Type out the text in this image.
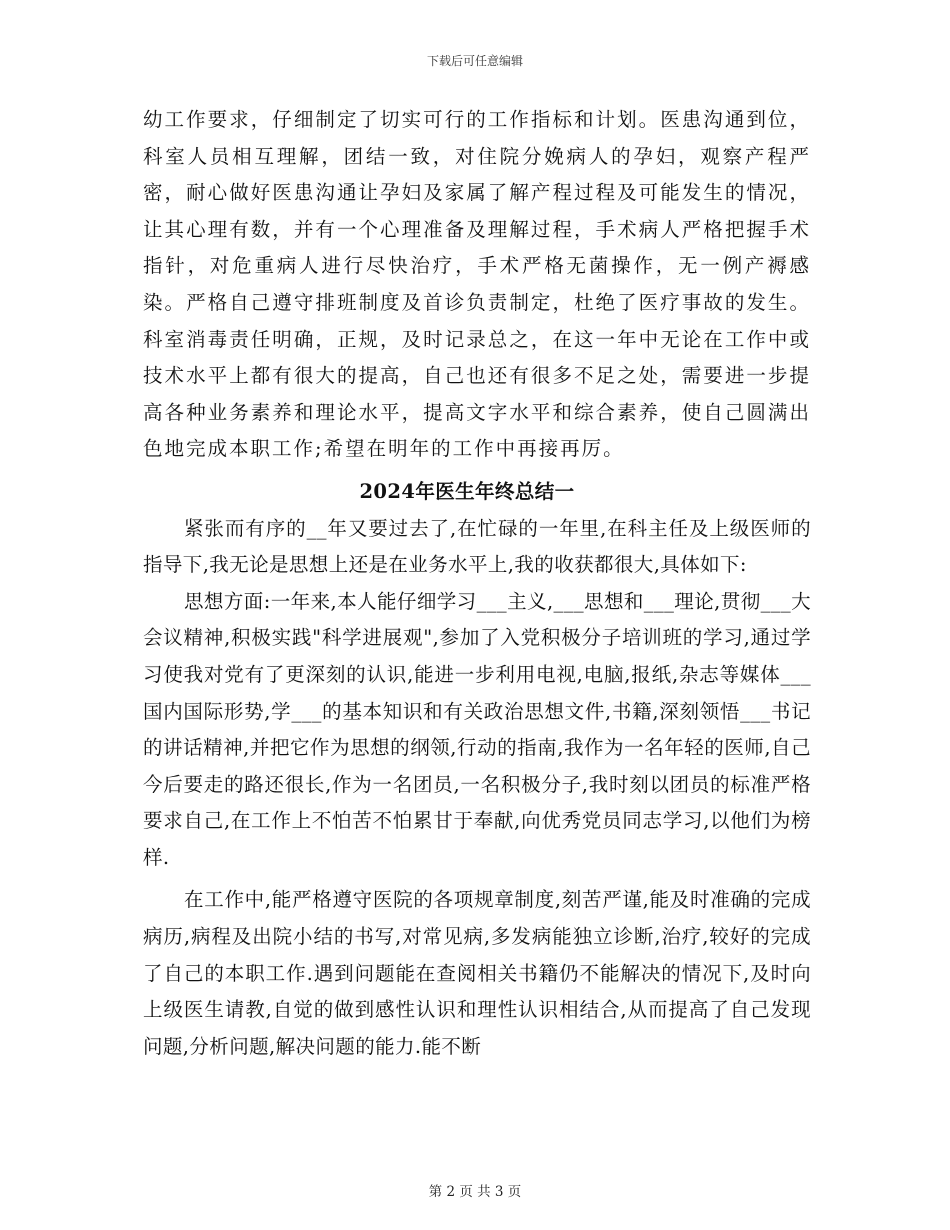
下载后可任意编辑

幼工作要求，仔细制定了切实可行的工作指标和计划。医患沟通到位，科室人员相互理解，团结一致，对住院分娩病人的孕妇，观察产程严密，耐心做好医患沟通让孕妇及家属了解产程过程及可能发生的情况，让其心理有数，并有一个心理准备及理解过程，手术病人严格把握手术指针，对危重病人进行尽快治疗，手术严格无菌操作，无一例产褥感染。严格自己遵守排班制度及首诊负责制定，杜绝了医疗事故的发生。科室消毒责任明确，正规，及时记录总之，在这一年中无论在工作中或技术水平上都有很大的提高，自己也还有很多不足之处，需要进一步提高各种业务素养和理论水平，提高文字水平和综合素养，使自己圆满出色地完成本职工作;希望在明年的工作中再接再厉。

2024年医生年终总结一

紧张而有序的__年又要过去了,在忙碌的一年里,在科主任及上级医师的指导下,我无论是思想上还是在业务水平上,我的收获都很大,具体如下:

思想方面:一年来,本人能仔细学习___主义,___思想和___理论,贯彻___大会议精神,积极实践"科学进展观",参加了入党积极分子培训班的学习,通过学习使我对党有了更深刻的认识,能进一步利用电视,电脑,报纸,杂志等媒体___国内国际形势,学___的基本知识和有关政治思想文件,书籍,深刻领悟___书记的讲话精神,并把它作为思想的纲领,行动的指南,我作为一名年轻的医师,自己今后要走的路还很长,作为一名团员,一名积极分子,我时刻以团员的标准严格要求自己,在工作上不怕苦不怕累甘于奉献,向优秀党员同志学习,以他们为榜样.

在工作中,能严格遵守医院的各项规章制度,刻苦严谨,能及时准确的完成病历,病程及出院小结的书写,对常见病,多发病能独立诊断,治疗,较好的完成了自己的本职工作.遇到问题能在查阅相关书籍仍不能解决的情况下,及时向上级医生请教,自觉的做到感性认识和理性认识相结合,从而提高了自己发现问题,分析问题,解决问题的能力.能不断

第 2 页 共 3 页
